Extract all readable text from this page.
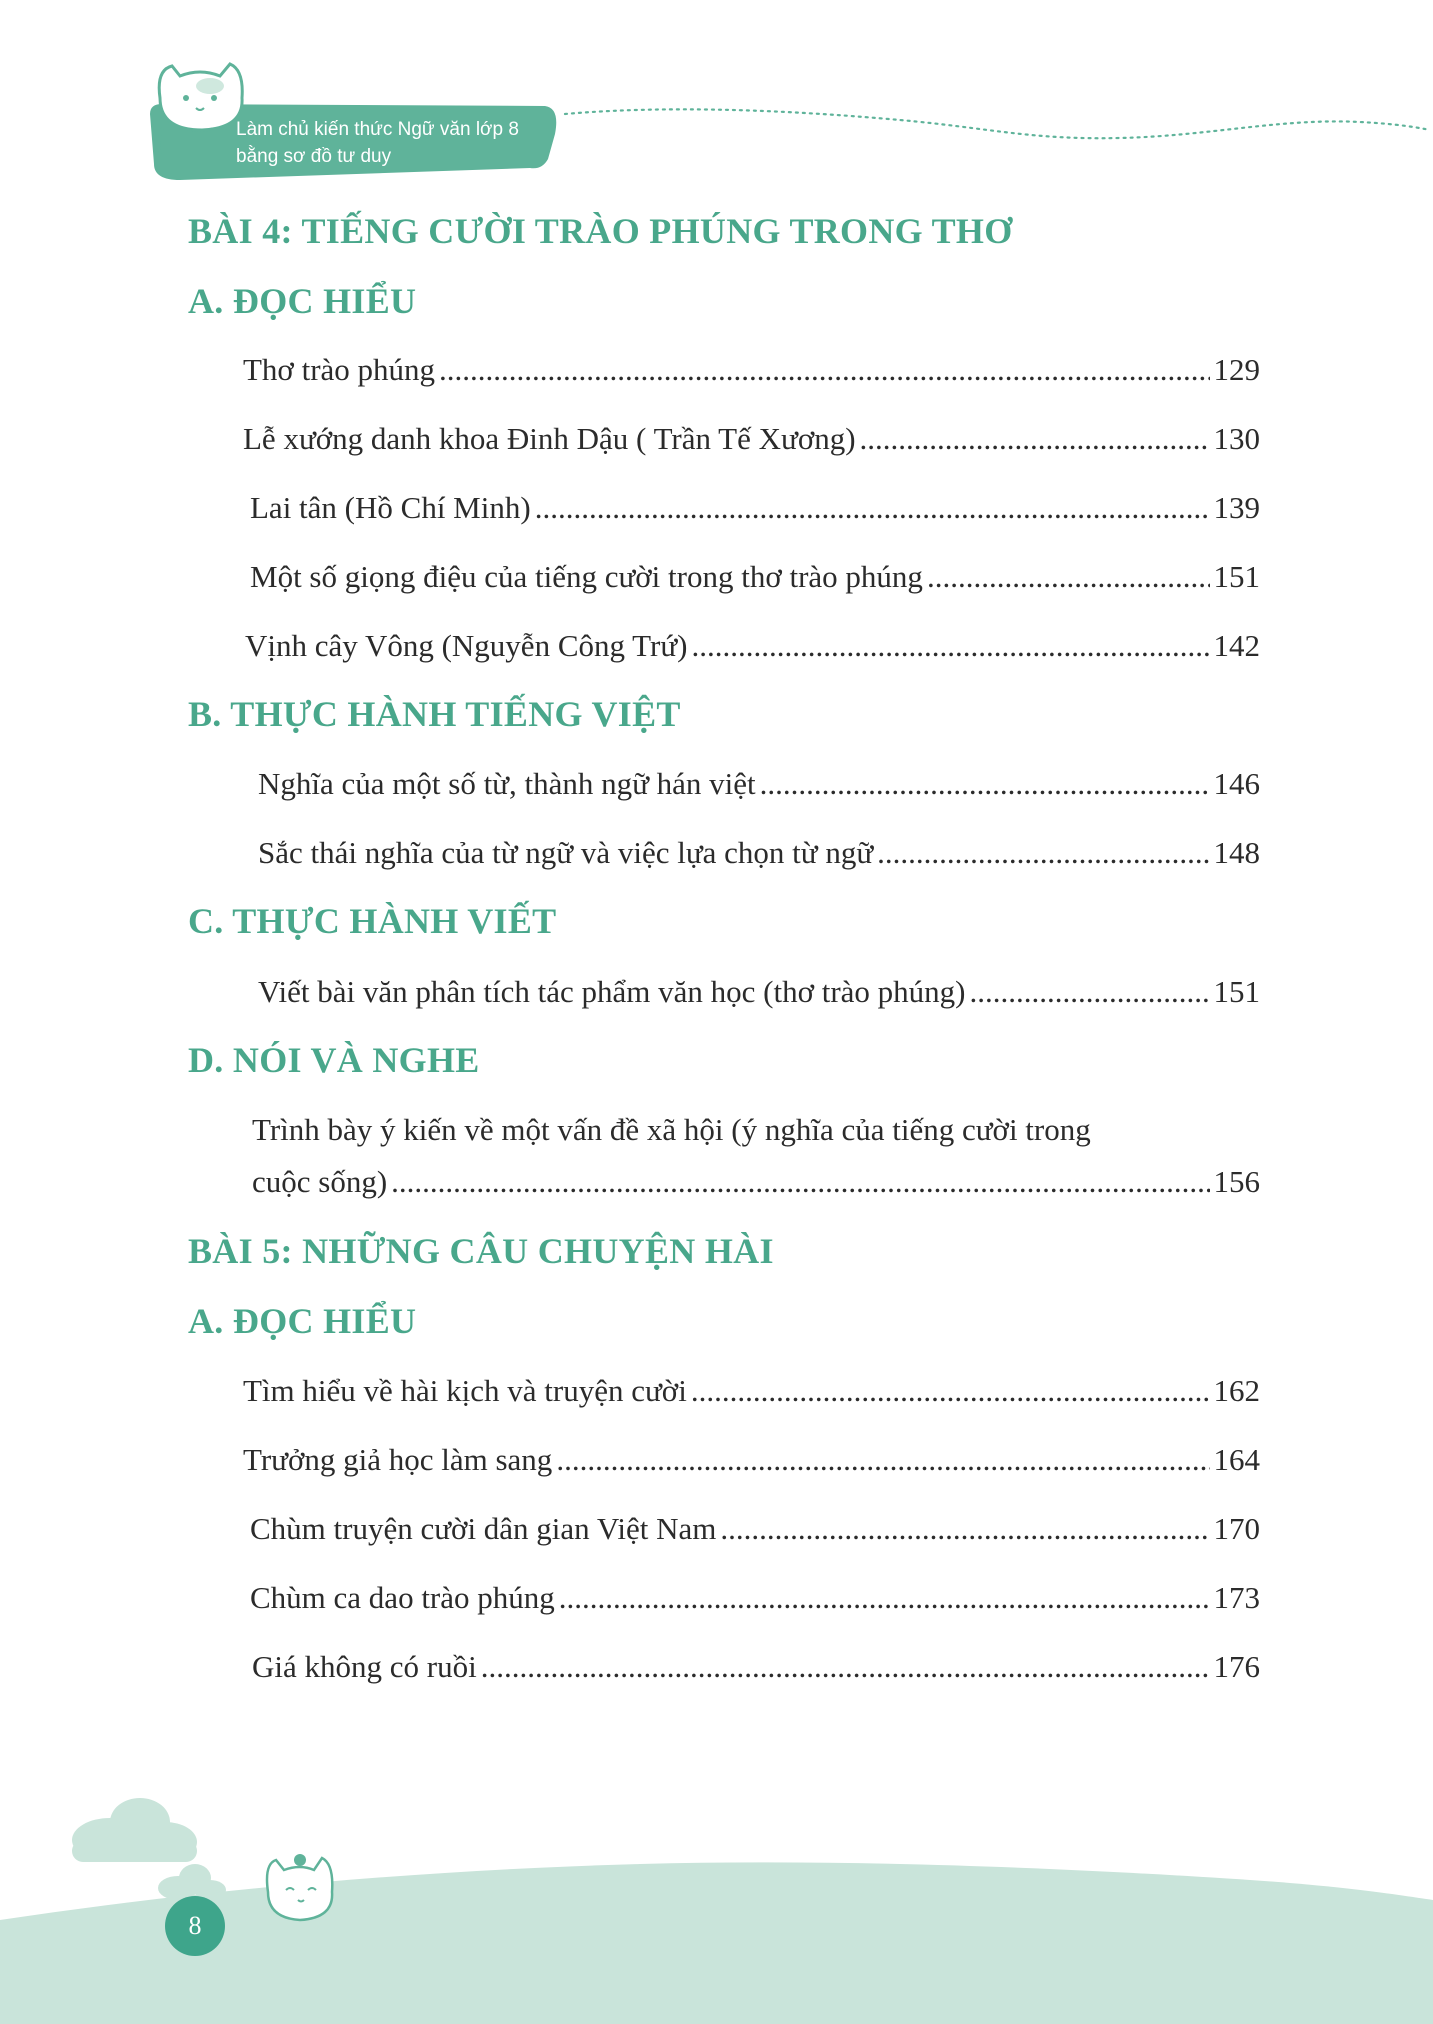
Làm chủ kiến thức Ngữ văn lớp 8
bằng sơ đồ tư duy
BÀI 4: TIẾNG CƯỜI TRÀO PHÚNG TRONG THƠ
A. ĐỌC HIỂU
Thơ trào phúng .....	129
Lễ xướng danh khoa Đinh Dậu ( Trần Tế Xương) .....	130
Lai tân (Hồ Chí Minh) .....	139
Một số giọng điệu của tiếng cười trong thơ trào phúng .....	151
Vịnh cây Vông (Nguyễn Công Trứ) .....	142
B. THỰC HÀNH TIẾNG VIỆT
Nghĩa của một số từ, thành ngữ hán việt .....	146
Sắc thái nghĩa của từ ngữ và việc lựa chọn từ ngữ .....	148
C. THỰC HÀNH VIẾT
Viết bài văn phân tích tác phẩm văn học (thơ trào phúng) .....	151
D. NÓI VÀ NGHE
Trình bày ý kiến về một vấn đề xã hội (ý nghĩa của tiếng cười trong
cuộc sống) .....	156
BÀI 5: NHỮNG CÂU CHUYỆN HÀI
A. ĐỌC HIỂU
Tìm hiểu về hài kịch và truyện cười .....	162
Trưởng giả học làm sang .....	164
Chùm truyện cười dân gian Việt Nam .....	170
Chùm ca dao trào phúng .....	173
Giá không có ruồi .....	176
8
